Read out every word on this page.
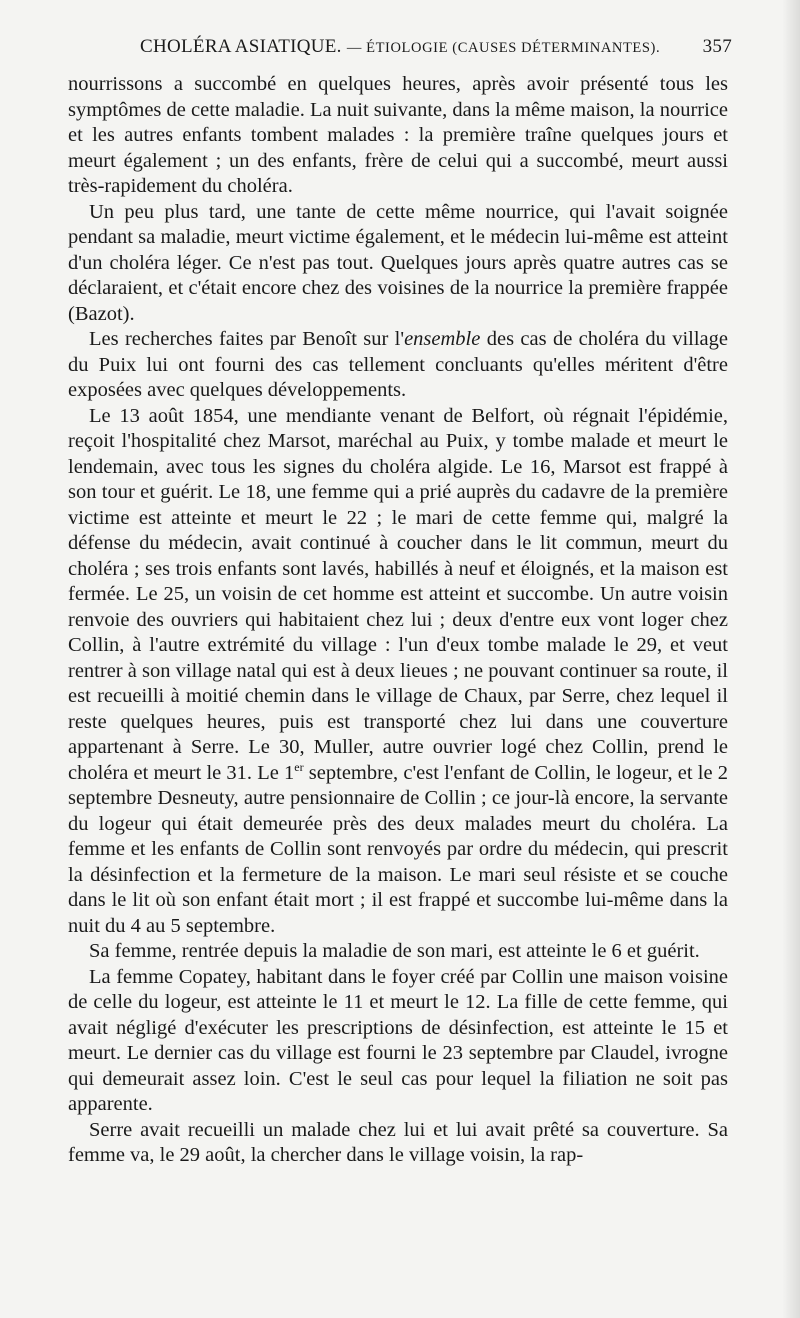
CHOLÉRA ASIATIQUE. — ÉTIOLOGIE (CAUSES DÉTERMINANTES). 357

nourrissons a succombé en quelques heures, après avoir présenté tous les symptômes de cette maladie. La nuit suivante, dans la même maison, la nourrice et les autres enfants tombent malades : la première traîne quelques jours et meurt également ; un des enfants, frère de celui qui a succombé, meurt aussi très-rapidement du choléra.

Un peu plus tard, une tante de cette même nourrice, qui l'avait soignée pendant sa maladie, meurt victime également, et le médecin lui-même est atteint d'un choléra léger. Ce n'est pas tout. Quelques jours après quatre autres cas se déclaraient, et c'était encore chez des voisines de la nourrice la première frappée (Bazot).

Les recherches faites par Benoît sur l'ensemble des cas de choléra du village du Puix lui ont fourni des cas tellement concluants qu'elles méritent d'être exposées avec quelques développements.

Le 13 août 1854, une mendiante venant de Belfort, où régnait l'épidémie, reçoit l'hospitalité chez Marsot, maréchal au Puix, y tombe malade et meurt le lendemain, avec tous les signes du choléra algide. Le 16, Marsot est frappé à son tour et guérit. Le 18, une femme qui a prié auprès du cadavre de la première victime est atteinte et meurt le 22 ; le mari de cette femme qui, malgré la défense du médecin, avait continué à coucher dans le lit commun, meurt du choléra ; ses trois enfants sont lavés, habillés à neuf et éloignés, et la maison est fermée. Le 25, un voisin de cet homme est atteint et succombe. Un autre voisin renvoie des ouvriers qui habitaient chez lui ; deux d'entre eux vont loger chez Collin, à l'autre extrémité du village : l'un d'eux tombe malade le 29, et veut rentrer à son village natal qui est à deux lieues ; ne pouvant continuer sa route, il est recueilli à moitié chemin dans le village de Chaux, par Serre, chez lequel il reste quelques heures, puis est transporté chez lui dans une couverture appartenant à Serre. Le 30, Muller, autre ouvrier logé chez Collin, prend le choléra et meurt le 31. Le 1er septembre, c'est l'enfant de Collin, le logeur, et le 2 septembre Desneuty, autre pensionnaire de Collin ; ce jour-là encore, la servante du logeur qui était demeurée près des deux malades meurt du choléra. La femme et les enfants de Collin sont renvoyés par ordre du médecin, qui prescrit la désinfection et la fermeture de la maison. Le mari seul résiste et se couche dans le lit où son enfant était mort ; il est frappé et succombe lui-même dans la nuit du 4 au 5 septembre.

Sa femme, rentrée depuis la maladie de son mari, est atteinte le 6 et guérit.

La femme Copatey, habitant dans le foyer créé par Collin une maison voisine de celle du logeur, est atteinte le 11 et meurt le 12. La fille de cette femme, qui avait négligé d'exécuter les prescriptions de désinfection, est atteinte le 15 et meurt. Le dernier cas du village est fourni le 23 septembre par Claudel, ivrogne qui demeurait assez loin. C'est le seul cas pour lequel la filiation ne soit pas apparente.

Serre avait recueilli un malade chez lui et lui avait prêté sa couverture. Sa femme va, le 29 août, la chercher dans le village voisin, la rap-
